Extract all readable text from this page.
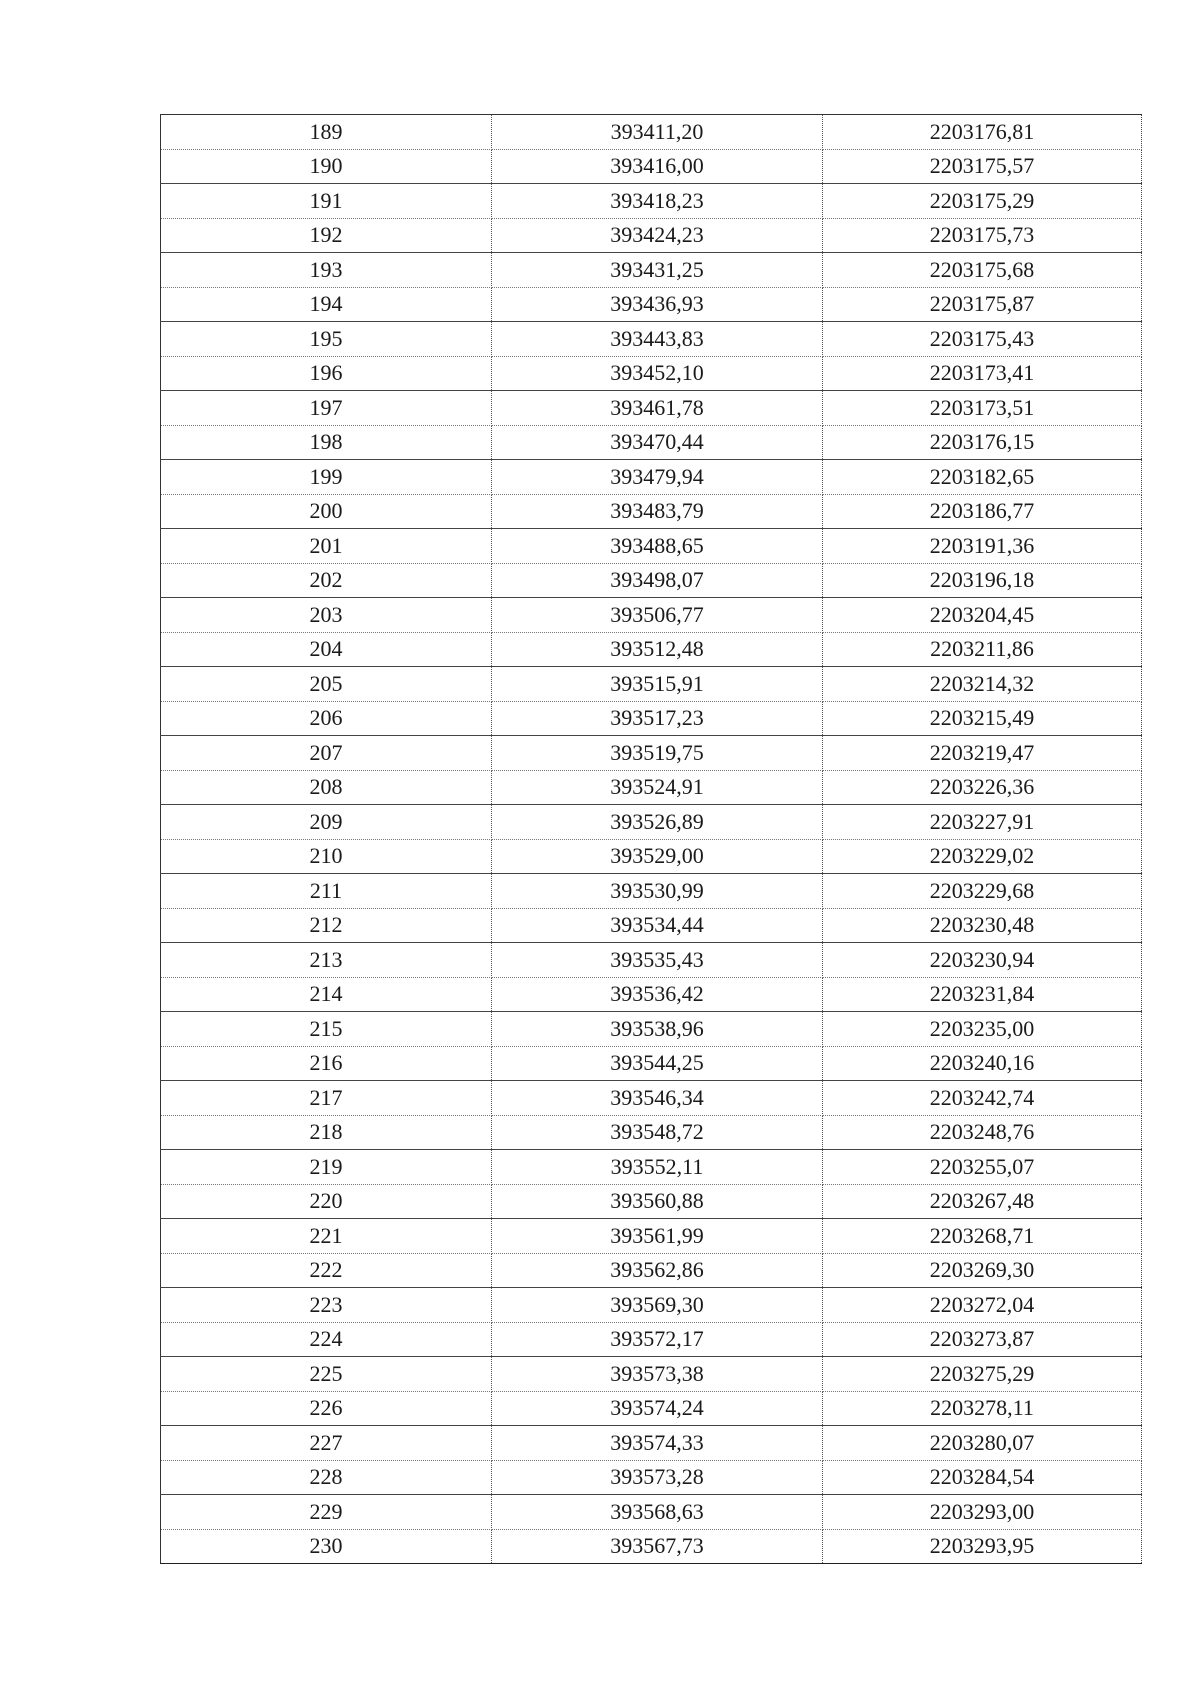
189	393411,20	2203176,81
190	393416,00	2203175,57
191	393418,23	2203175,29
192	393424,23	2203175,73
193	393431,25	2203175,68
194	393436,93	2203175,87
195	393443,83	2203175,43
196	393452,10	2203173,41
197	393461,78	2203173,51
198	393470,44	2203176,15
199	393479,94	2203182,65
200	393483,79	2203186,77
201	393488,65	2203191,36
202	393498,07	2203196,18
203	393506,77	2203204,45
204	393512,48	2203211,86
205	393515,91	2203214,32
206	393517,23	2203215,49
207	393519,75	2203219,47
208	393524,91	2203226,36
209	393526,89	2203227,91
210	393529,00	2203229,02
211	393530,99	2203229,68
212	393534,44	2203230,48
213	393535,43	2203230,94
214	393536,42	2203231,84
215	393538,96	2203235,00
216	393544,25	2203240,16
217	393546,34	2203242,74
218	393548,72	2203248,76
219	393552,11	2203255,07
220	393560,88	2203267,48
221	393561,99	2203268,71
222	393562,86	2203269,30
223	393569,30	2203272,04
224	393572,17	2203273,87
225	393573,38	2203275,29
226	393574,24	2203278,11
227	393574,33	2203280,07
228	393573,28	2203284,54
229	393568,63	2203293,00
230	393567,73	2203293,95
